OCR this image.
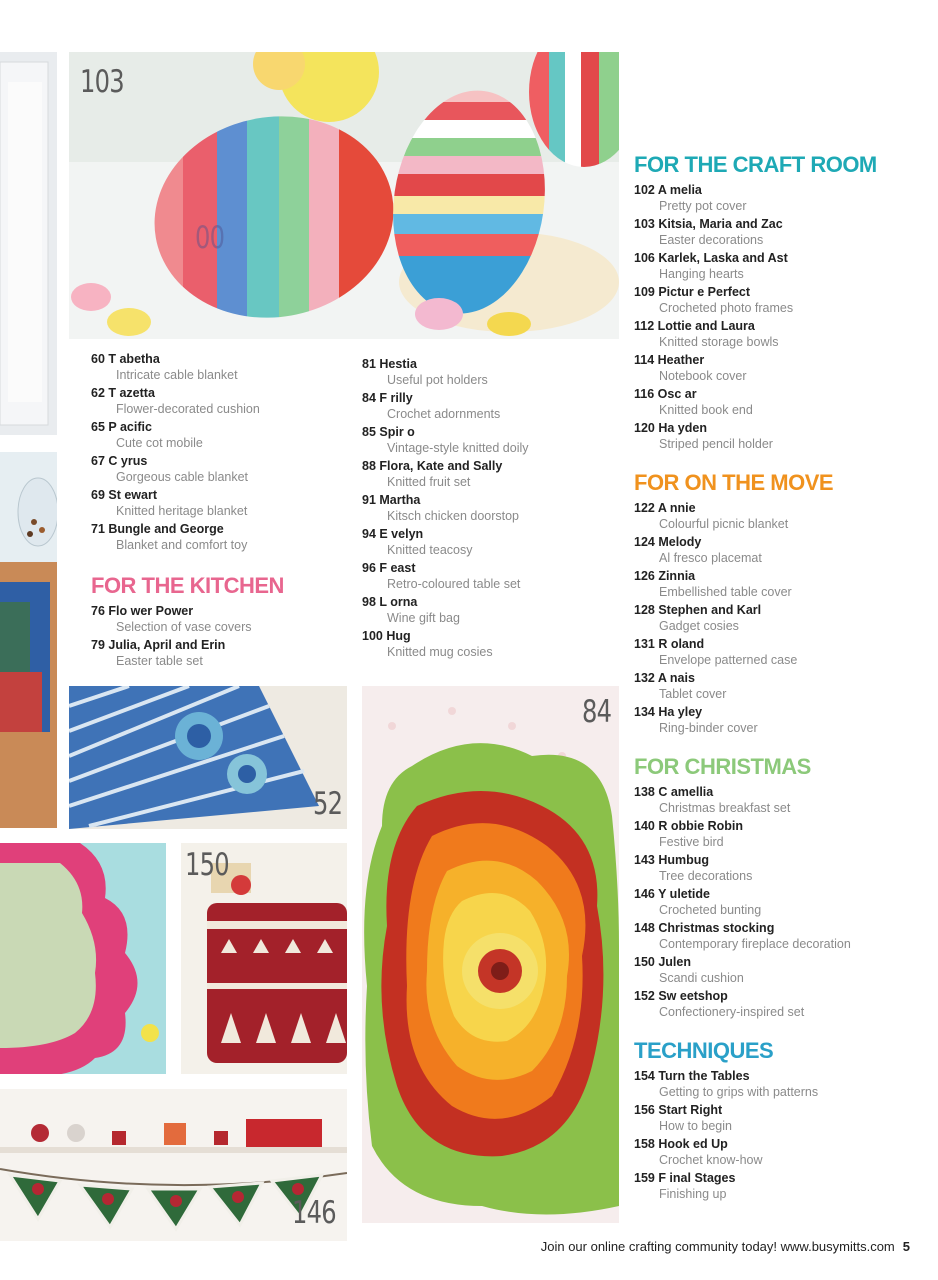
146
103
00
52
150
84
60 T abetha
Intricate cable blanket
62 T azetta
Flower-decorated cushion
65 P acific
Cute cot mobile
67 C yrus
Gorgeous cable blanket
69 St ewart
Knitted heritage blanket
71 Bungle and George
Blanket and comfort toy
FOR THE KITCHEN
76 Flo wer Power
Selection of vase covers
79 Julia, April and Erin
Easter table set
81 Hestia
Useful pot holders
84 F rilly
Crochet adornments
85 Spir o
Vintage-style knitted doily
88 Flora, Kate and Sally
Knitted fruit set
91 Martha
Kitsch chicken doorstop
94 E velyn
Knitted teacosy
96 F east
Retro-coloured table set
98 L orna
Wine gift bag
100 Hug
Knitted mug cosies
FOR THE CRAFT ROOM
102 A melia
Pretty pot cover
103 Kitsia, Maria and Zac
Easter decorations
106 Karlek, Laska and Ast
Hanging hearts
109 Pictur e Perfect
Crocheted photo frames
112 Lottie and Laura
Knitted storage bowls
114 Heather
Notebook cover
116 Osc ar
Knitted book end
120 Ha yden
Striped pencil holder
FOR ON THE MOVE
122 A nnie
Colourful picnic blanket
124 Melody
Al fresco placemat
126 Zinnia
Embellished table cover
128 Stephen and Karl
Gadget cosies
131 R oland
Envelope patterned case
132 A nais
Tablet cover
134 Ha yley
Ring-binder cover
FOR CHRISTMAS
138 C amellia
Christmas breakfast set
140 R obbie Robin
Festive bird
143 Humbug
Tree decorations
146 Y uletide
Crocheted bunting
148 Christmas stocking
Contemporary fireplace decoration
150 Julen
Scandi cushion
152 Sw eetshop
Confectionery-inspired set
TECHNIQUES
154 Turn the Tables
Getting to grips with patterns
156 Start Right
How to begin
158 Hook ed Up
Crochet know-how
159 F inal Stages
Finishing up
Join our online crafting community today! www.busymitts.com 5
